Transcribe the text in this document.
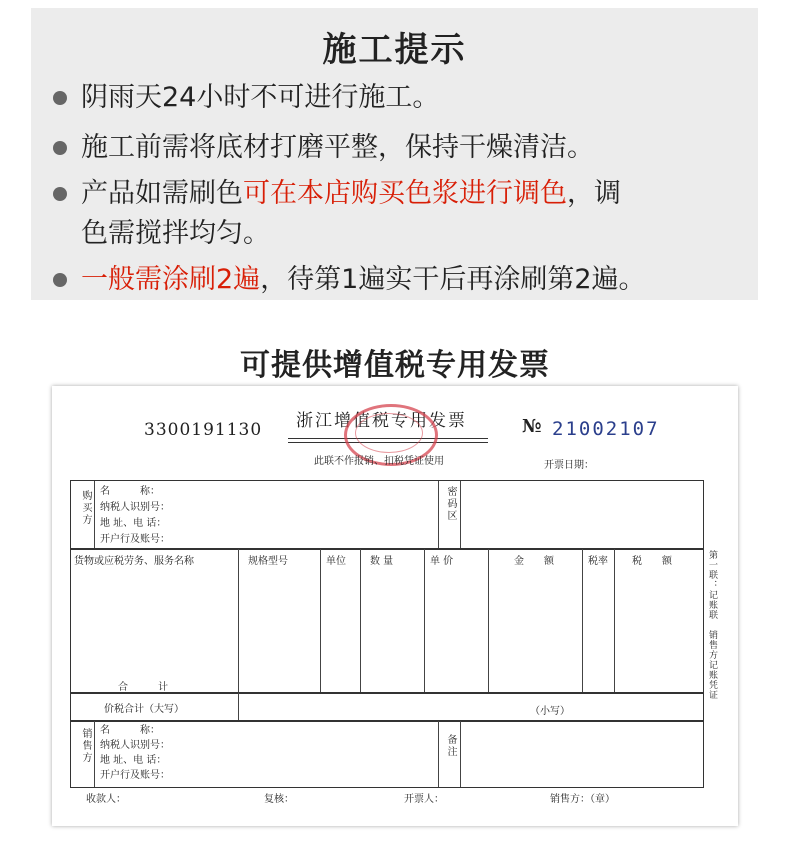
施工提示
阴雨天24小时不可进行施工。
施工前需将底材打磨平整，保持干燥清洁。
产品如需刷色可在本店购买色浆进行调色，调
色需搅拌均匀。
一般需涂刷2遍，待第1遍实干后再涂刷第2遍。
可提供增值税专用发票
3300191130 浙江增值税专用发票	№ 21002107
此联不作报销、扣税凭证使用	开票日期：
购买方 名　　　称：
纳税人识别号：
地 址、电 话：
开户行及账号：
密码区
货物或应税劳务、服务名称	规格型号	单位 数 量	单 价	金　　额	税率 税　　额
合　　　计
价税合计（大写）	（小写）
销售方 名　　　称：
纳税人识别号：
地 址、电 话：
开户行及账号：
备注
收款人：	复核：	开票人：	销售方：（章）
第一联：记账联　销售方记账凭证
